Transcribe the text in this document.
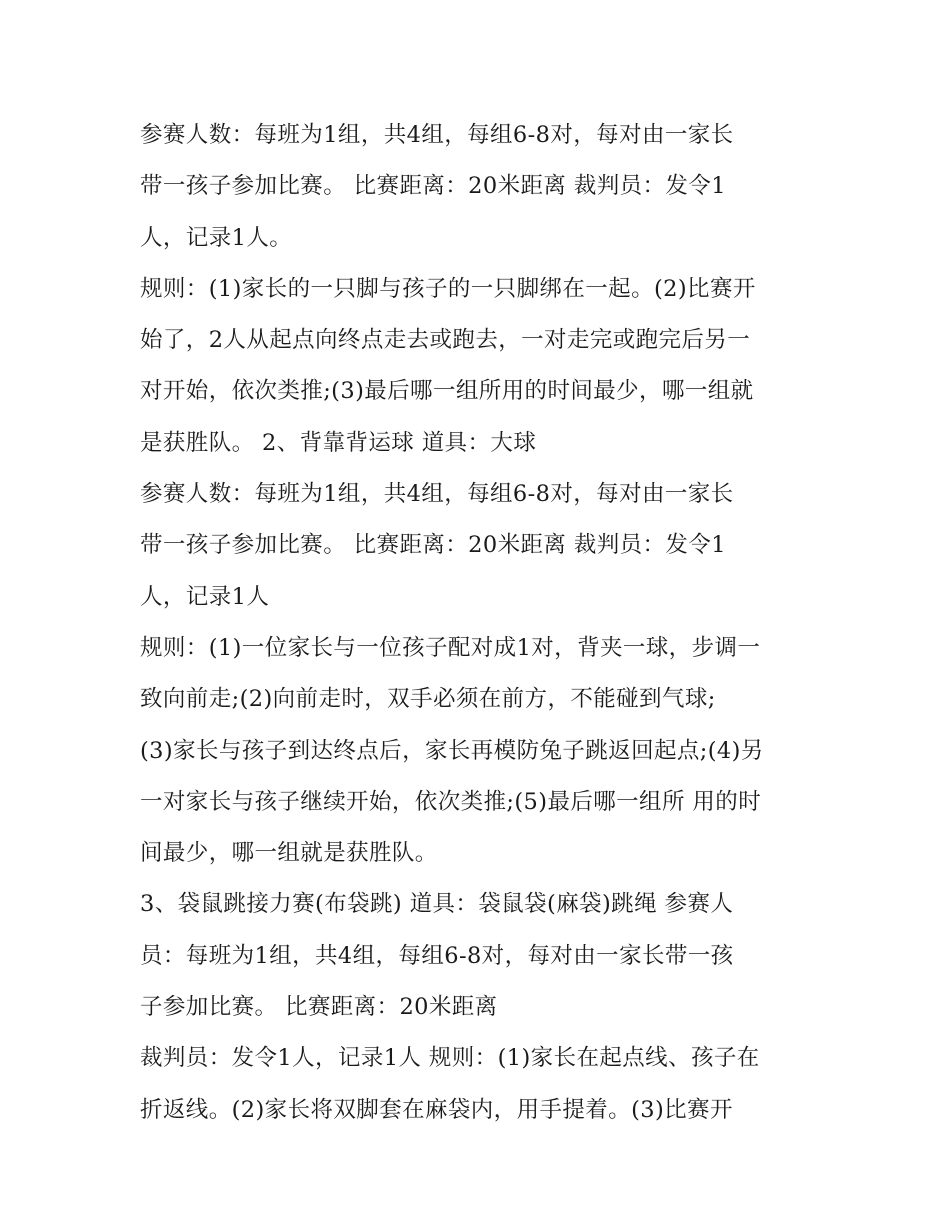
参赛人数：每班为1组，共4组，每组6-8对，每对由一家长
带一孩子参加比赛。 比赛距离：20米距离 裁判员：发令1
人，记录1人。
规则：(1)家长的一只脚与孩子的一只脚绑在一起。(2)比赛开
始了，2人从起点向终点走去或跑去，一对走完或跑完后另一
对开始，依次类推;(3)最后哪一组所用的时间最少，哪一组就
是获胜队。 2、背靠背运球 道具：大球
参赛人数：每班为1组，共4组，每组6-8对，每对由一家长
带一孩子参加比赛。 比赛距离：20米距离 裁判员：发令1
人，记录1人
规则：(1)一位家长与一位孩子配对成1对，背夹一球，步调一
致向前走;(2)向前走时，双手必须在前方，不能碰到气球;
(3)家长与孩子到达终点后，家长再模防兔子跳返回起点;(4)另
一对家长与孩子继续开始，依次类推;(5)最后哪一组所 用的时
间最少，哪一组就是获胜队。
3、袋鼠跳接力赛(布袋跳) 道具：袋鼠袋(麻袋)跳绳 参赛人
员：每班为1组，共4组，每组6-8对，每对由一家长带一孩
子参加比赛。 比赛距离：20米距离
裁判员：发令1人，记录1人 规则：(1)家长在起点线、孩子在
折返线。(2)家长将双脚套在麻袋内，用手提着。(3)比赛开
